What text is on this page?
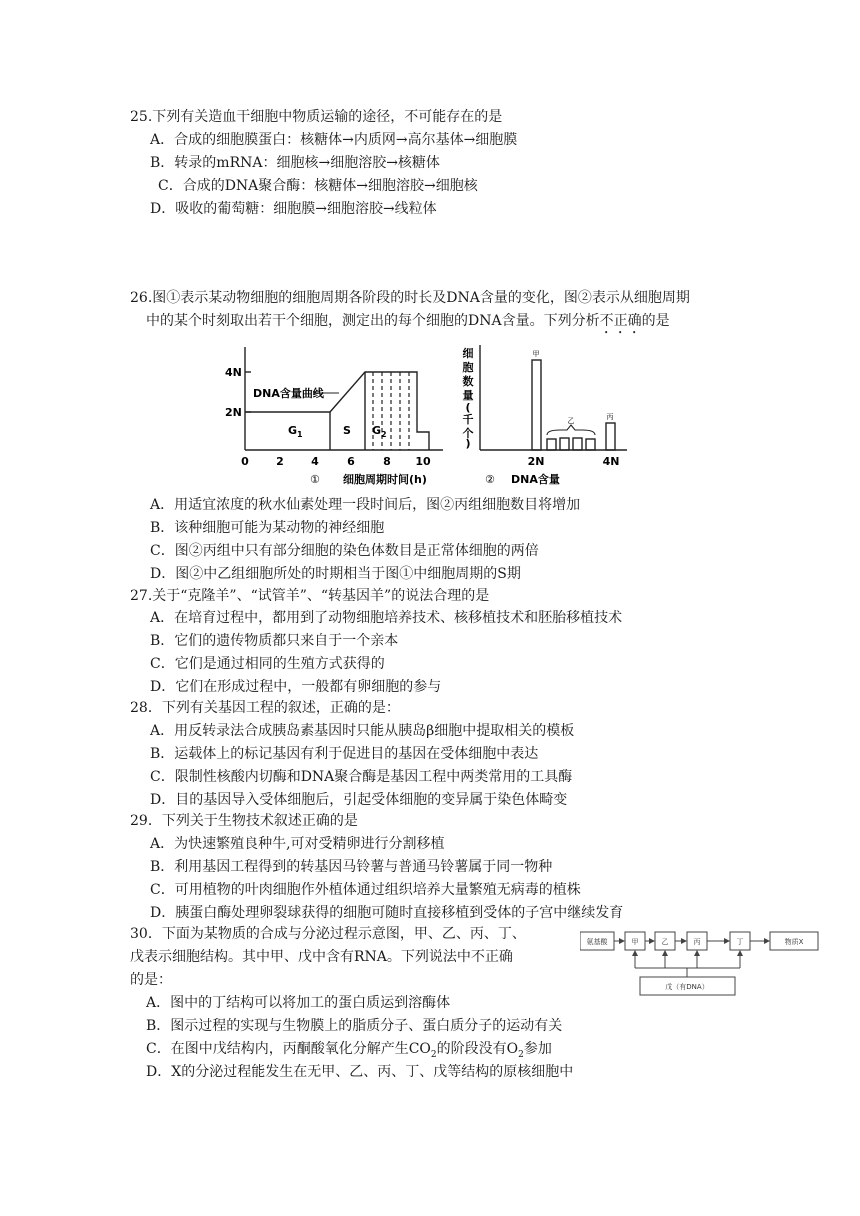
25.下列有关造血干细胞中物质运输的途径，不可能存在的是
A．合成的细胞膜蛋白：核糖体→内质网→高尔基体→细胞膜
B．转录的mRNA：细胞核→细胞溶胶→核糖体
C．合成的DNA聚合酶：核糖体→细胞溶胶→细胞核
D．吸收的葡萄糖：细胞膜→细胞溶胶→线粒体
26.图①表示某动物细胞的细胞周期各阶段的时长及DNA含量的变化，图②表示从细胞周期
中的某个时刻取出若干个细胞，测定出的每个细胞的DNA含量。下列分析不正确的是
4N
2N
DNA含量曲线
$G_1$	S $G_2$
0 2 4	6	8 10
① 细胞周期时间(h)
细
胞
数
量
(
千
个
)
甲
乙	丙
2N	4N
② DNA含量
A．用适宜浓度的秋水仙素处理一段时间后，图②丙组细胞数目将增加
B．该种细胞可能为某动物的神经细胞
C．图②丙组中只有部分细胞的染色体数目是正常体细胞的两倍
D．图②中乙组细胞所处的时期相当于图①中细胞周期的S期
27.关于“克隆羊”、“试管羊”、“转基因羊”的说法合理的是
A．在培育过程中，都用到了动物细胞培养技术、核移植技术和胚胎移植技术
B．它们的遗传物质都只来自于一个亲本
C．它们是通过相同的生殖方式获得的
D．它们在形成过程中，一般都有卵细胞的参与
28．下列有关基因工程的叙述，正确的是：
A．用反转录法合成胰岛素基因时只能从胰岛β细胞中提取相关的模板
B．运载体上的标记基因有利于促进目的基因在受体细胞中表达
C．限制性核酸内切酶和DNA聚合酶是基因工程中两类常用的工具酶
D．目的基因导入受体细胞后，引起受体细胞的变异属于染色体畸变
29．下列关于生物技术叙述正确的是
A．为快速繁殖良种牛,可对受精卵进行分割移植
B．利用基因工程得到的转基因马铃薯与普通马铃薯属于同一物种
C．可用植物的叶肉细胞作外植体通过组织培养大量繁殖无病毒的植株
D．胰蛋白酶处理卵裂球获得的细胞可随时直接移植到受体的子宫中继续发育
30．下面为某物质的合成与分泌过程示意图，甲、乙、丙、丁、
戊表示细胞结构。其中甲、戊中含有RNA。下列说法中不正确
的是：
A．图中的丁结构可以将加工的蛋白质运到溶酶体
B．图示过程的实现与生物膜上的脂质分子、蛋白质分子的运动有关
C．在图中戊结构内，丙酮酸氧化分解产生$CO_2$的阶段没有$O_2$参加
D．X的分泌过程能发生在无甲、乙、丙、丁、戊等结构的原核细胞中
氨基酸	甲	乙	丙	丁	物质X
戊（有DNA）
